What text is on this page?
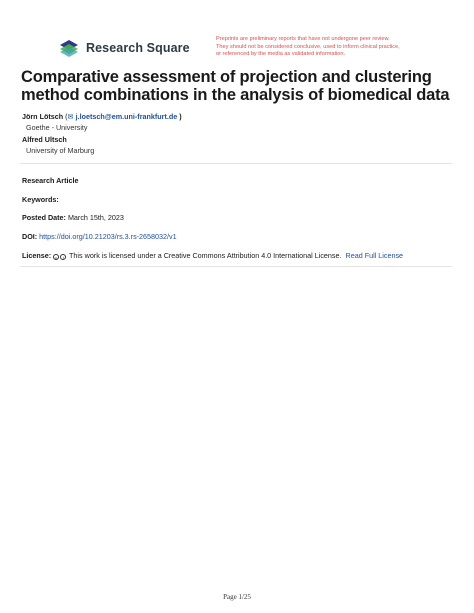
Research Square
Preprints are preliminary reports that have not undergone peer review.
They should not be considered conclusive, used to inform clinical practice,
or referenced by the media as validated information.
Comparative assessment of projection and clustering method combinations in the analysis of biomedical data
Jörn Lötsch (✉ j.loetsch@em.uni-frankfurt.de )
Goethe - University
Alfred Ultsch
University of Marburg
Research Article
Keywords:
Posted Date: March 15th, 2023
DOI: https://doi.org/10.21203/rs.3.rs-2658032/v1
License: c i This work is licensed under a Creative Commons Attribution 4.0 International License. Read Full License
Page 1/25
